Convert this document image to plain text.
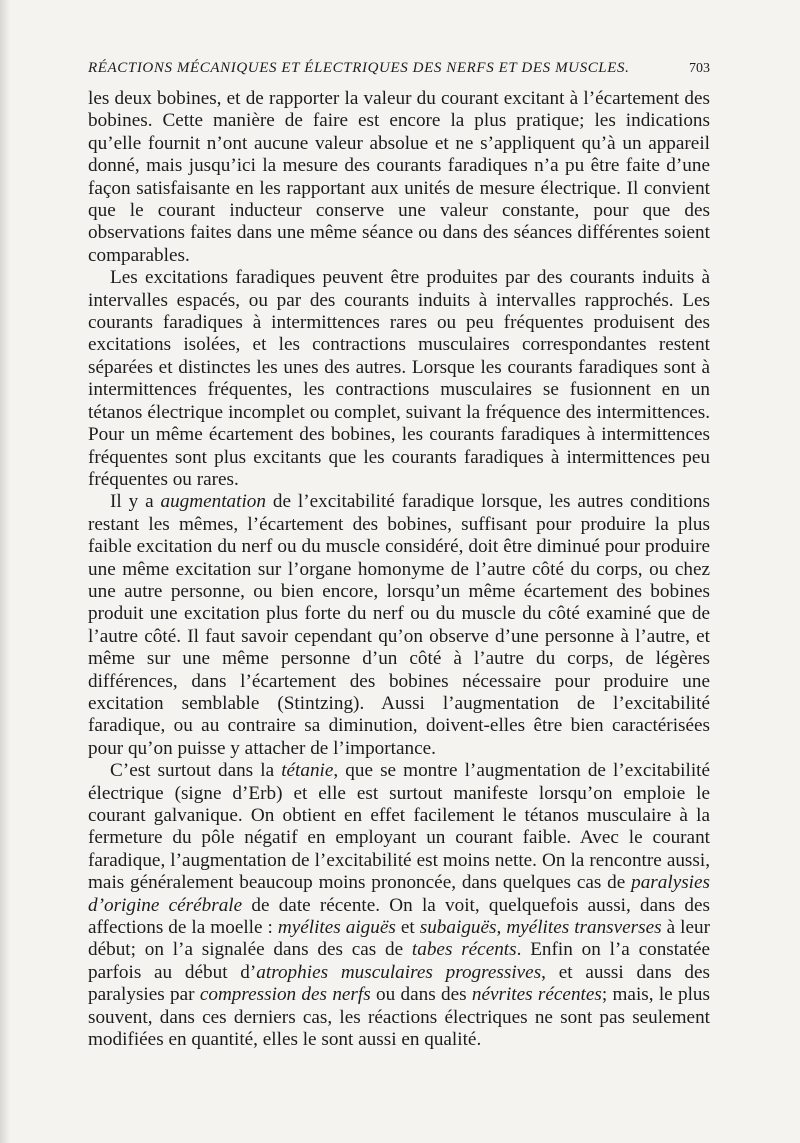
RÉACTIONS MÉCANIQUES ET ÉLECTRIQUES DES NERFS ET DES MUSCLES.	703

les deux bobines, et de rapporter la valeur du courant excitant à l’écartement des bobines. Cette manière de faire est encore la plus pratique; les indications qu’elle fournit n’ont aucune valeur absolue et ne s’appliquent qu’à un appareil donné, mais jusqu’ici la mesure des courants faradiques n’a pu être faite d’une façon satisfaisante en les rapportant aux unités de mesure électrique. Il convient que le courant inducteur conserve une valeur constante, pour que des observations faites dans une même séance ou dans des séances différentes soient comparables.

Les excitations faradiques peuvent être produites par des courants induits à intervalles espacés, ou par des courants induits à intervalles rapprochés. Les courants faradiques à intermittences rares ou peu fréquentes produisent des excitations isolées, et les contractions musculaires correspondantes restent séparées et distinctes les unes des autres. Lorsque les courants faradiques sont à intermittences fréquentes, les contractions musculaires se fusionnent en un tétanos électrique incomplet ou complet, suivant la fréquence des intermittences. Pour un même écartement des bobines, les courants faradiques à intermittences fréquentes sont plus excitants que les courants faradiques à intermittences peu fréquentes ou rares.

Il y a augmentation de l’excitabilité faradique lorsque, les autres conditions restant les mêmes, l’écartement des bobines, suffisant pour produire la plus faible excitation du nerf ou du muscle considéré, doit être diminué pour produire une même excitation sur l’organe homonyme de l’autre côté du corps, ou chez une autre personne, ou bien encore, lorsqu’un même écartement des bobines produit une excitation plus forte du nerf ou du muscle du côté examiné que de l’autre côté. Il faut savoir cependant qu’on observe d’une personne à l’autre, et même sur une même personne d’un côté à l’autre du corps, de légères différences, dans l’écartement des bobines nécessaire pour produire une excitation semblable (Stintzing). Aussi l’augmentation de l’excitabilité faradique, ou au contraire sa diminution, doivent-elles être bien caractérisées pour qu’on puisse y attacher de l’importance.

C’est surtout dans la tétanie, que se montre l’augmentation de l’excitabilité électrique (signe d’Erb) et elle est surtout manifeste lorsqu’on emploie le courant galvanique. On obtient en effet facilement le tétanos musculaire à la fermeture du pôle négatif en employant un courant faible. Avec le courant faradique, l’augmentation de l’excitabilité est moins nette. On la rencontre aussi, mais généralement beaucoup moins prononcée, dans quelques cas de paralysies d’origine cérébrale de date récente. On la voit, quelquefois aussi, dans des affections de la moelle : myélites aiguës et subaiguës, myélites transverses à leur début; on l’a signalée dans des cas de tabes récents. Enfin on l’a constatée parfois au début d’atrophies musculaires progressives, et aussi dans des paralysies par compression des nerfs ou dans des névrites récentes; mais, le plus souvent, dans ces derniers cas, les réactions électriques ne sont pas seulement modifiées en quantité, elles le sont aussi en qualité.
